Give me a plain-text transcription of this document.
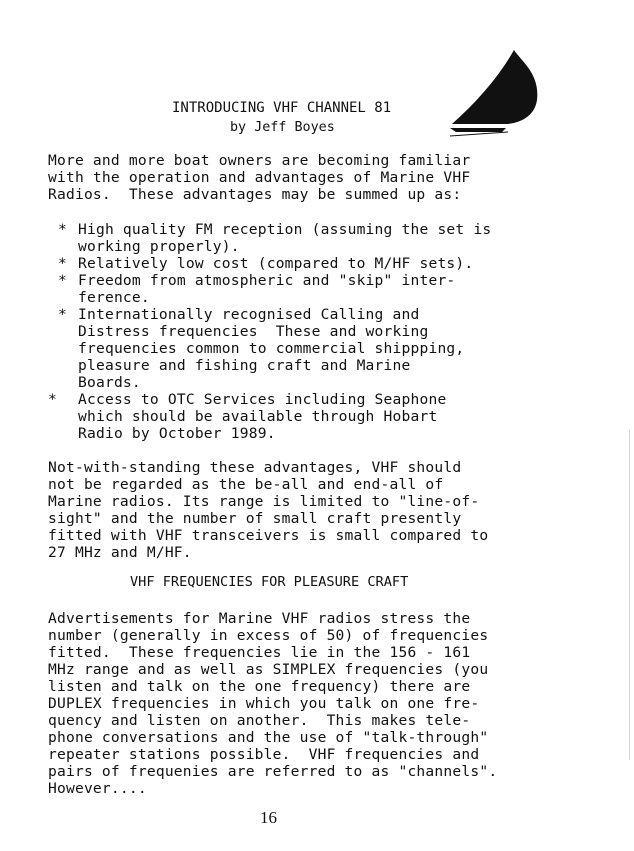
INTRODUCING VHF CHANNEL 81
by Jeff Boyes
More and more boat owners are becoming familiar
with the operation and advantages of Marine VHF
Radios.  These advantages may be summed up as:
* High quality FM reception (assuming the set is
working properly).
* Relatively low cost (compared to M/HF sets).
* Freedom from atmospheric and "skip" inter-
ference.
* Internationally recognised Calling and
Distress frequencies  These and working
frequencies common to commercial shippping,
pleasure and fishing craft and Marine
Boards.
* Access to OTC Services including Seaphone
which should be available through Hobart
Radio by October 1989.
Not-with-standing these advantages, VHF should
not be regarded as the be-all and end-all of
Marine radios. Its range is limited to "line-of-
sight" and the number of small craft presently
fitted with VHF transceivers is small compared to
27 MHz and M/HF.
VHF FREQUENCIES FOR PLEASURE CRAFT
Advertisements for Marine VHF radios stress the
number (generally in excess of 50) of frequencies
fitted.  These frequencies lie in the 156 - 161
MHz range and as well as SIMPLEX frequencies (you
listen and talk on the one frequency) there are
DUPLEX frequencies in which you talk on one fre-
quency and listen on another.  This makes tele-
phone conversations and the use of "talk-through"
repeater stations possible.  VHF frequencies and
pairs of frequenies are referred to as "channels".
However....
16
